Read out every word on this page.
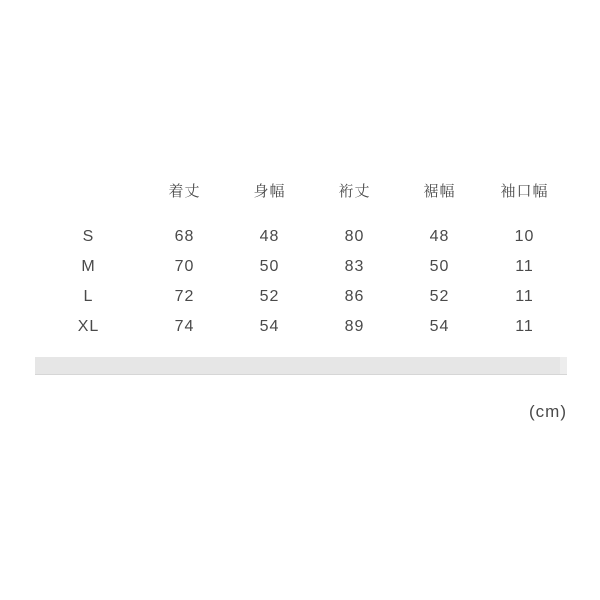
	着丈	身幅	裄丈	裾幅	袖口幅
S	68	48	80	48	10
M	70	50	83	50	11
L	72	52	86	52	11
XL	74	54	89	54	11
(cm)
